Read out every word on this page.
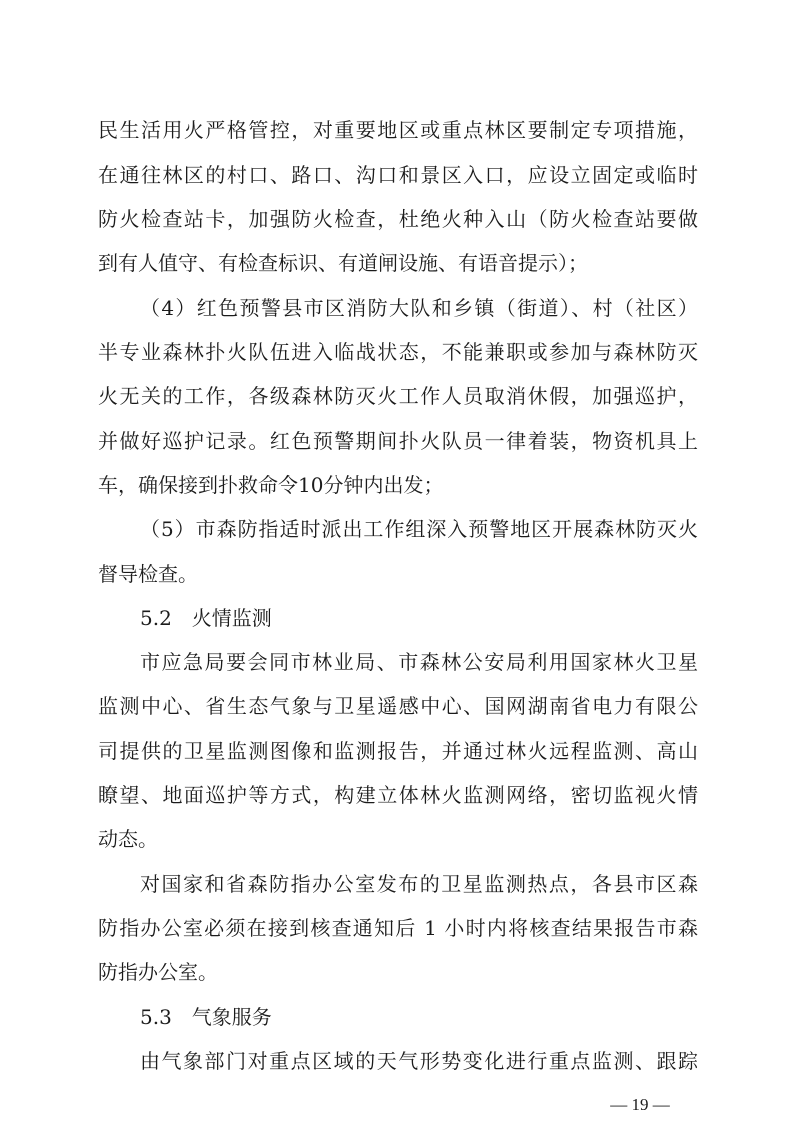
民生活用火严格管控，对重要地区或重点林区要制定专项措施，
在通往林区的村口、路口、沟口和景区入口，应设立固定或临时
防火检查站卡，加强防火检查，杜绝火种入山（防火检查站要做
到有人值守、有检查标识、有道闸设施、有语音提示）；
（4）红色预警县市区消防大队和乡镇（街道）、村（社区）
半专业森林扑火队伍进入临战状态，不能兼职或参加与森林防灭
火无关的工作，各级森林防灭火工作人员取消休假，加强巡护，
并做好巡护记录。红色预警期间扑火队员一律着装，物资机具上
车，确保接到扑救命令10分钟内出发；
（5）市森防指适时派出工作组深入预警地区开展森林防灭火
督导检查。
5.2　火情监测
市应急局要会同市林业局、市森林公安局利用国家林火卫星
监测中心、省生态气象与卫星遥感中心、国网湖南省电力有限公
司提供的卫星监测图像和监测报告，并通过林火远程监测、高山
瞭望、地面巡护等方式，构建立体林火监测网络，密切监视火情
动态。
对国家和省森防指办公室发布的卫星监测热点，各县市区森
防指办公室必须在接到核查通知后 1 小时内将核查结果报告市森
防指办公室。
5.3　气象服务
由气象部门对重点区域的天气形势变化进行重点监测、跟踪
— 19 —
